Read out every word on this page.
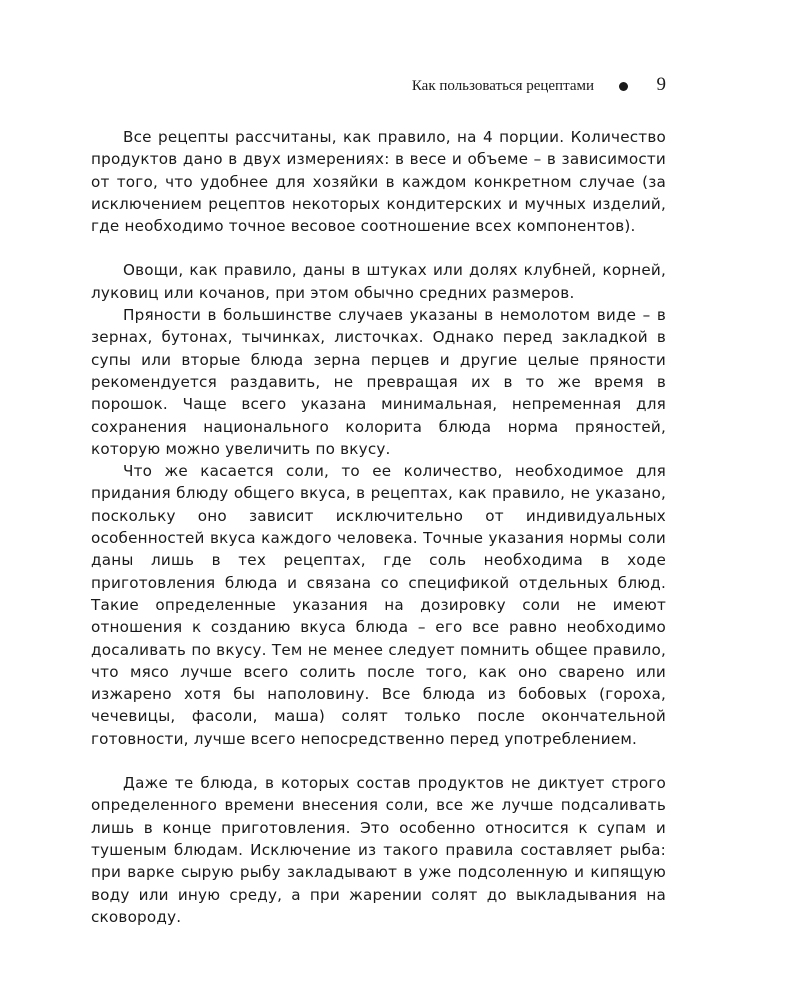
Как пользоваться рецептами	9

Все рецепты рассчитаны, как правило, на 4 порции. Количество продуктов дано в двух измерениях: в весе и объеме – в зависимости от того, что удобнее для хозяйки в каждом конкретном случае (за исключением рецептов некоторых кондитерских и мучных изделий, где необходимо точное весовое соотношение всех компонентов).

Овощи, как правило, даны в штуках или долях клубней, корней, луковиц или кочанов, при этом обычно средних размеров.

Пряности в большинстве случаев указаны в немолотом виде – в зернах, бутонах, тычинках, листочках. Однако перед закладкой в супы или вторые блюда зерна перцев и другие целые пряности рекомендуется раздавить, не превращая их в то же время в порошок. Чаще всего указана минимальная, непременная для сохранения национального колорита блюда норма пряностей, которую можно увеличить по вкусу.

Что же касается соли, то ее количество, необходимое для придания блюду общего вкуса, в рецептах, как правило, не указано, поскольку оно зависит исключительно от индивидуальных особенностей вкуса каждого человека. Точные указания нормы соли даны лишь в тех рецептах, где соль необходима в ходе приготовления блюда и связана со спецификой отдельных блюд. Такие определенные указания на дозировку соли не имеют отношения к созданию вкуса блюда – его все равно необходимо досаливать по вкусу. Тем не менее следует помнить общее правило, что мясо лучше всего солить после того, как оно сварено или изжарено хотя бы наполовину. Все блюда из бобовых (гороха, чечевицы, фасоли, маша) солят только после окончательной готовности, лучше всего непосредственно перед употреблением.

Даже те блюда, в которых состав продуктов не диктует строго определенного времени внесения соли, все же лучше подсаливать лишь в конце приготовления. Это особенно относится к супам и тушеным блюдам. Исключение из такого правила составляет рыба: при варке сырую рыбу закладывают в уже подсоленную и кипящую воду или иную среду, а при жарении солят до выкладывания на сковороду.
